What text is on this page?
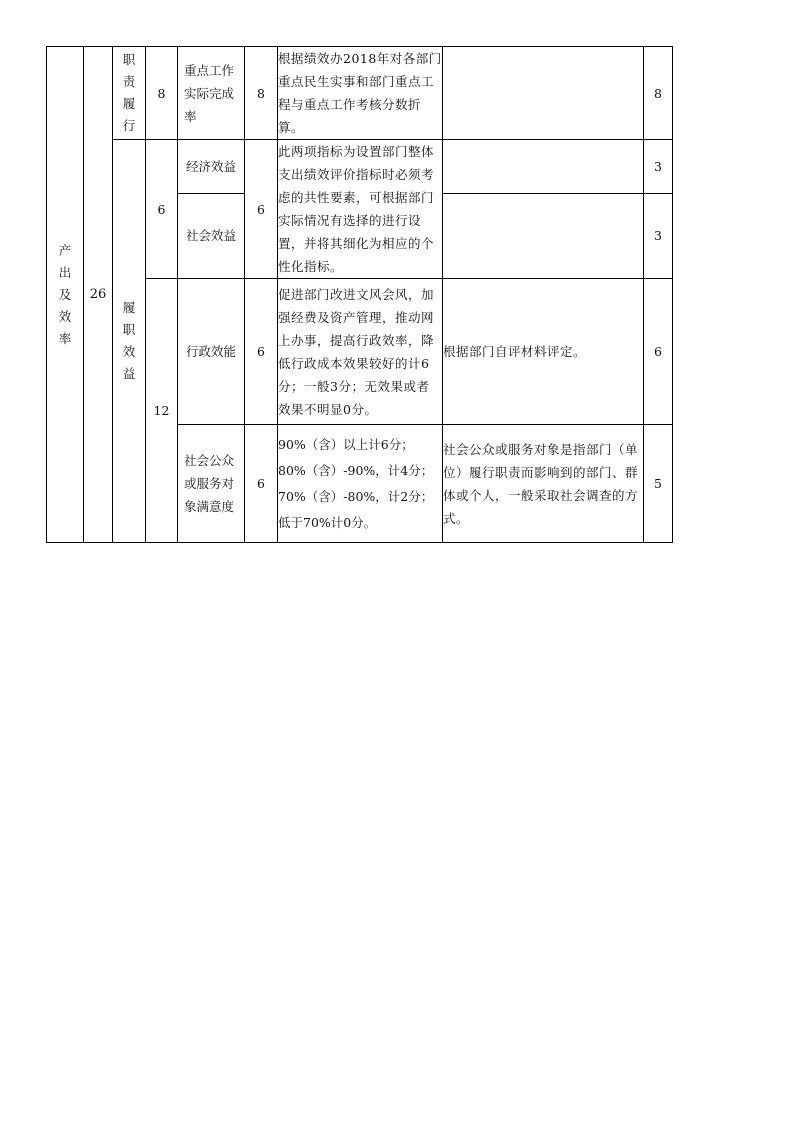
产出及效率	26	职责履行	8	重点工作实际完成率	8	根据绩效办2018年对各部门重点民生实事和部门重点工程与重点工作考核分数折算。		8
		履职效益	6	经济效益	6	此两项指标为设置部门整体支出绩效评价指标时必须考虑的共性要素，可根据部门实际情况有选择的进行设置，并将其细化为相应的个性化指标。		3
				社会效益				3
			12	行政效能	6	促进部门改进文风会风，加强经费及资产管理，推动网上办事，提高行政效率，降低行政成本效果较好的计6分；一般3分；无效果或者效果不明显0分。	根据部门自评材料评定。	6
				社会公众或服务对象满意度	6	90%（含）以上计6分；
80%（含）-90%，计4分；
70%（含）-80%，计2分；
低于70%计0分。	社会公众或服务对象是指部门（单位）履行职责而影响到的部门、群体或个人，一般采取社会调查的方式。	5
